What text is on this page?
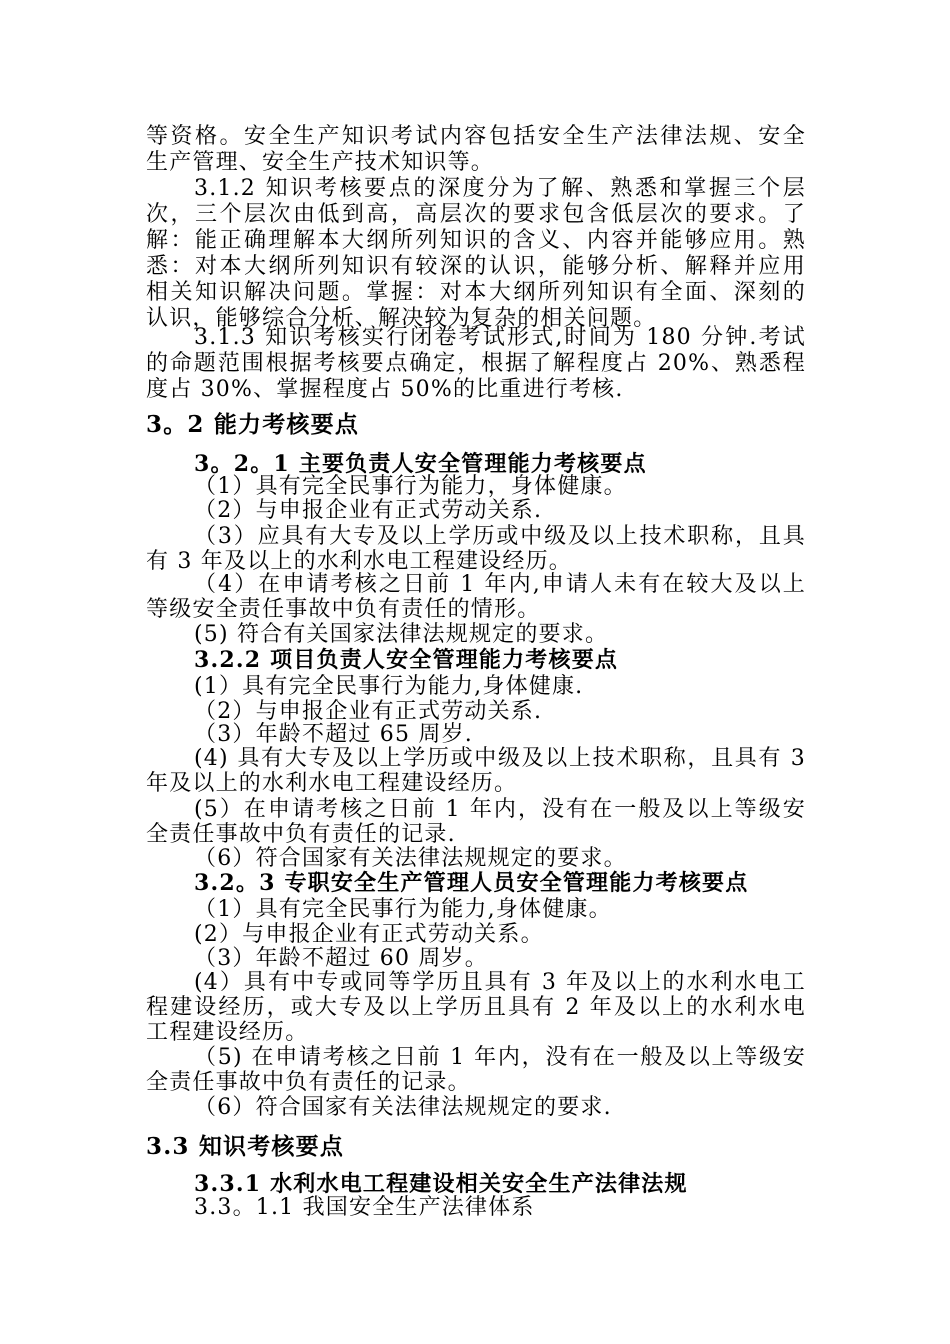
等资格。安全生产知识考试内容包括安全生产法律法规、安全
生产管理、安全生产技术知识等。
3.1.2 知识考核要点的深度分为了解、熟悉和掌握三个层
次，三个层次由低到高，高层次的要求包含低层次的要求。了
解：能正确理解本大纲所列知识的含义、内容并能够应用。熟
悉：对本大纲所列知识有较深的认识，能够分析、解释并应用
相关知识解决问题。掌握：对本大纲所列知识有全面、深刻的
认识，能够综合分析、解决较为复杂的相关问题。
3.1.3 知识考核实行闭卷考试形式,时间为 180 分钟.考试
的命题范围根据考核要点确定，根据了解程度占 20%、熟悉程
度占 30%、掌握程度占 50%的比重进行考核.
3。2 能力考核要点
3。2。1 主要负责人安全管理能力考核要点
（1）具有完全民事行为能力，身体健康。
（2）与申报企业有正式劳动关系.
（3）应具有大专及以上学历或中级及以上技术职称，且具
有 3 年及以上的水利水电工程建设经历。
（4）在申请考核之日前 1 年内,申请人未有在较大及以上
等级安全责任事故中负有责任的情形。
(5) 符合有关国家法律法规规定的要求。
3.2.2 项目负责人安全管理能力考核要点
(1）具有完全民事行为能力,身体健康.
（2）与申报企业有正式劳动关系.
（3）年龄不超过 65 周岁.
(4) 具有大专及以上学历或中级及以上技术职称，且具有 3
年及以上的水利水电工程建设经历。
(5）在申请考核之日前 1 年内，没有在一般及以上等级安
全责任事故中负有责任的记录.
（6）符合国家有关法律法规规定的要求。
3.2。3 专职安全生产管理人员安全管理能力考核要点
（1）具有完全民事行为能力,身体健康。
(2）与申报企业有正式劳动关系。
（3）年龄不超过 60 周岁。
(4）具有中专或同等学历且具有 3 年及以上的水利水电工
程建设经历，或大专及以上学历且具有 2 年及以上的水利水电
工程建设经历。
（5) 在申请考核之日前 1 年内，没有在一般及以上等级安
全责任事故中负有责任的记录。
（6）符合国家有关法律法规规定的要求.
3.3 知识考核要点
3.3.1 水利水电工程建设相关安全生产法律法规
3.3。1.1 我国安全生产法律体系
